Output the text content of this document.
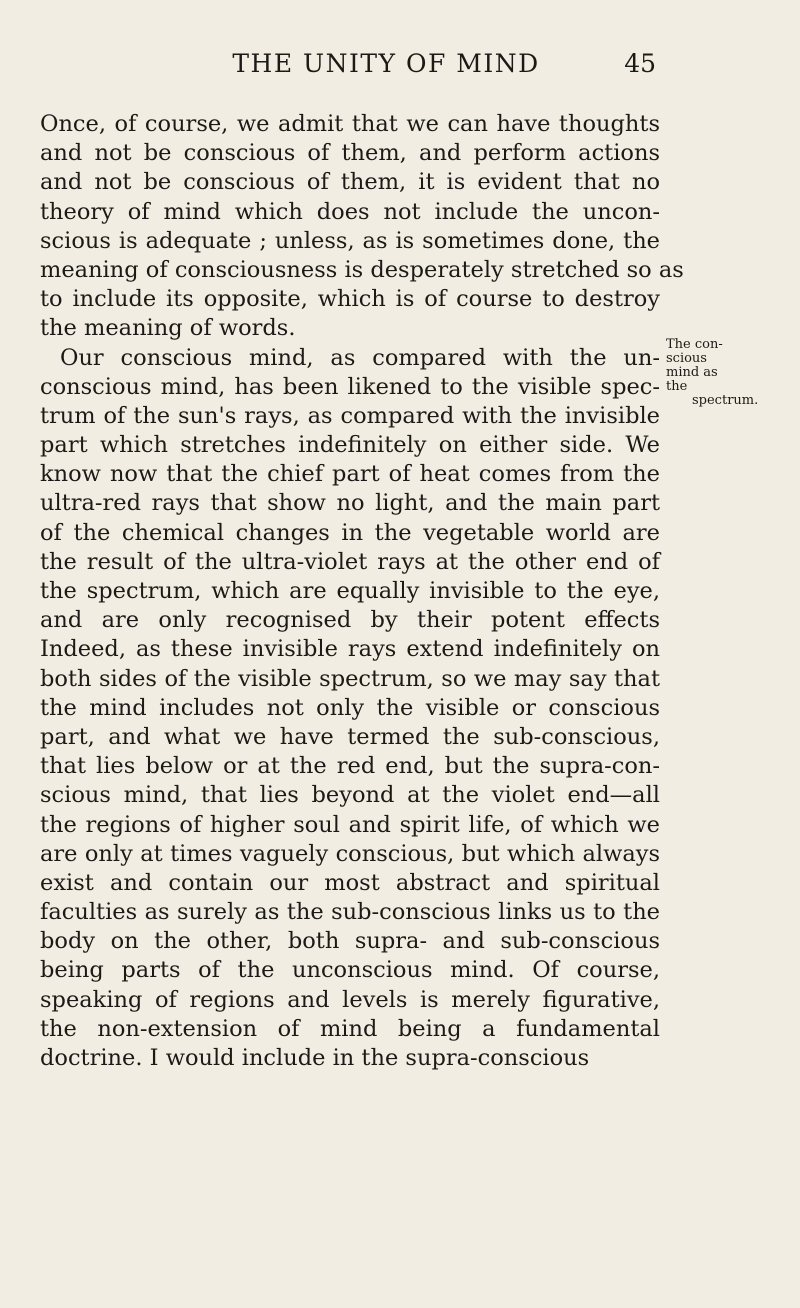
THE UNITY OF MIND	45
Once, of course, we admit that we can have thoughts
and not be conscious of them, and perform actions
and not be conscious of them, it is evident that no
theory of mind which does not include the uncon-
scious is adequate ; unless, as is sometimes done, the
meaning of consciousness is desperately stretched so as
to include its opposite, which is of course to destroy
the meaning of words.
Our conscious mind, as compared with the un-
conscious mind, has been likened to the visible spec-
trum of the sun's rays, as compared with the invisible
part which stretches indefinitely on either side. We
know now that the chief part of heat comes from the
ultra-red rays that show no light, and the main part
of the chemical changes in the vegetable world are
the result of the ultra-violet rays at the other end of
the spectrum, which are equally invisible to the eye,
and are only recognised by their potent effects
Indeed, as these invisible rays extend indefinitely on
both sides of the visible spectrum, so we may say that
the mind includes not only the visible or conscious
part, and what we have termed the sub-conscious,
that lies below or at the red end, but the supra-con-
scious mind, that lies beyond at the violet end—all
the regions of higher soul and spirit life, of which we
are only at times vaguely conscious, but which always
exist and contain our most abstract and spiritual
faculties as surely as the sub-conscious links us to the
body on the other, both supra- and sub-conscious
being parts of the unconscious mind. Of course,
speaking of regions and levels is merely figurative,
the non-extension of mind being a fundamental
doctrine. I would include in the supra-conscious
The con-
scious
mind as
the
spectrum.
